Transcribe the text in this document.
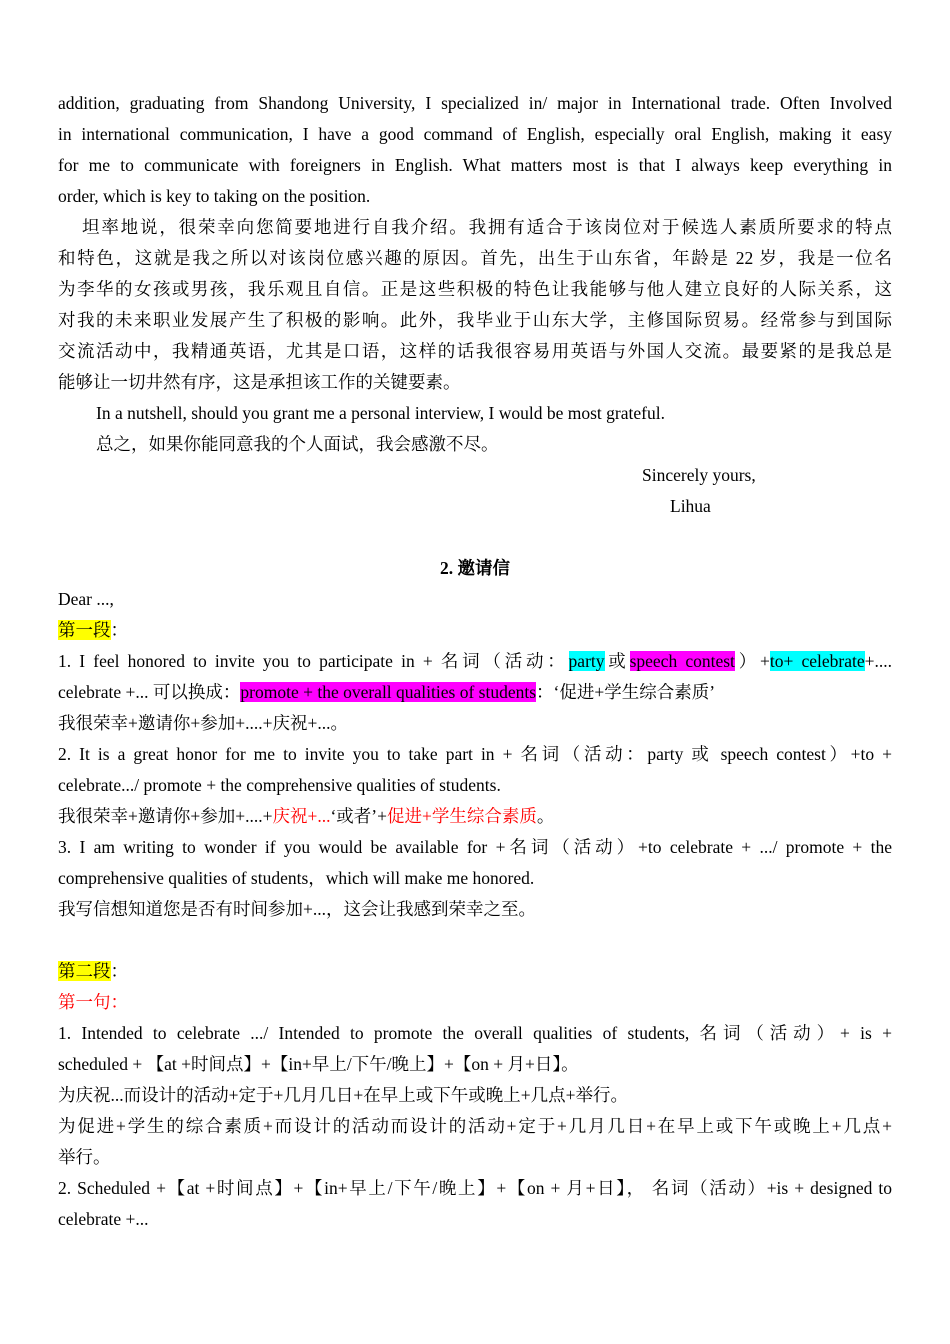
addition, graduating from Shandong University, I specialized in/ major in International trade. Often Involved
in international communication, I have a good command of English, especially oral English, making it easy
for me to communicate with foreigners in English. What matters most is that I always keep everything in
order, which is key to taking on the position.
坦率地说，很荣幸向您简要地进行自我介绍。我拥有适合于该岗位对于候选人素质所要求的特点
和特色，这就是我之所以对该岗位感兴趣的原因。首先，出生于山东省，年龄是 22 岁，我是一位名
为李华的女孩或男孩，我乐观且自信。正是这些积极的特色让我能够与他人建立良好的人际关系，这
对我的未来职业发展产生了积极的影响。此外，我毕业于山东大学，主修国际贸易。经常参与到国际
交流活动中，我精通英语，尤其是口语，这样的话我很容易用英语与外国人交流。最要紧的是我总是
能够让一切井然有序，这是承担该工作的关键要素。
In a nutshell, should you grant me a personal interview, I would be most grateful.
总之，如果你能同意我的个人面试，我会感激不尽。
Sincerely yours,
Lihua
2. 邀请信
Dear ...,
第一段：
1. I feel honored to invite you to participate in + 名词（活动：party或speech contest）+to+ celebrate+....
celebrate +... 可以换成：promote + the overall qualities of students：‘促进+学生综合素质’
我很荣幸+邀请你+参加+....+庆祝+...。
2. It is a great honor for me to invite you to take part in + 名词（活动：party 或 speech contest）+to +
celebrate.../ promote + the comprehensive qualities of students.
我很荣幸+邀请你+参加+....+庆祝+...‘或者’+促进+学生综合素质。
3. I am writing to wonder if you would be available for +名词（活动）+to celebrate + .../ promote + the
comprehensive qualities of students，which will make me honored.
我写信想知道您是否有时间参加+...，这会让我感到荣幸之至。
第二段：
第一句：
1. Intended to celebrate .../ Intended to promote the overall qualities of students, 名词（活动）+ is +
scheduled + 【at +时间点】+【in+早上/下午/晚上】+【on + 月+日】。
为庆祝...而设计的活动+定于+几月几日+在早上或下午或晚上+几点+举行。
为促进+学生的综合素质+而设计的活动而设计的活动+定于+几月几日+在早上或下午或晚上+几点+
举行。
2. Scheduled +【at +时间点】+【in+早上/下午/晚上】+【on + 月+日】， 名词（活动）+is + designed to
celebrate +...
